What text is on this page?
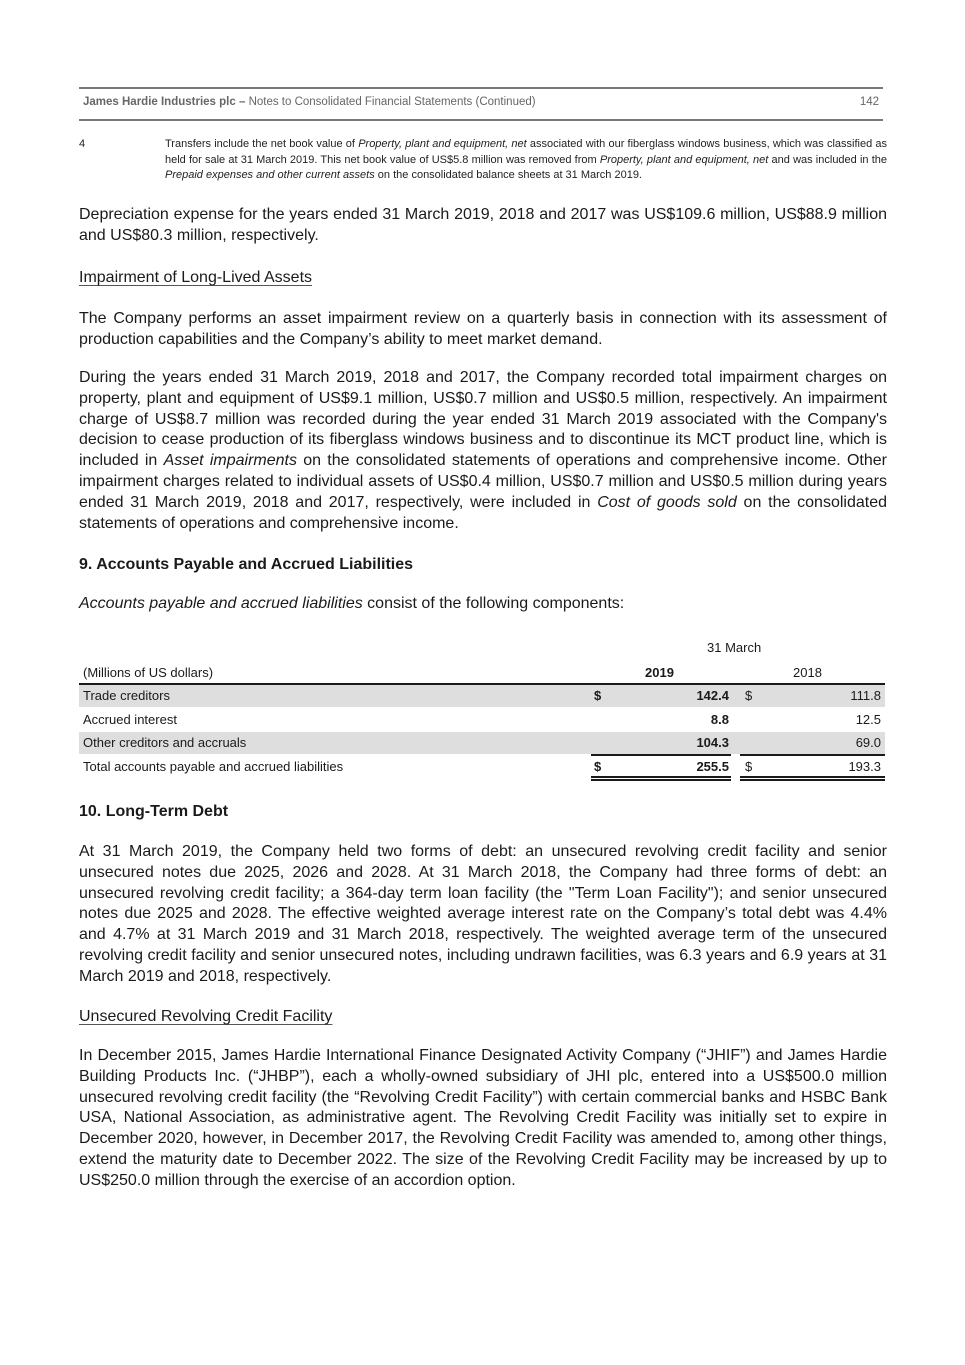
James Hardie Industries plc – Notes to Consolidated Financial Statements (Continued)	142
4	Transfers include the net book value of Property, plant and equipment, net associated with our fiberglass windows business, which was classified as held for sale at 31 March 2019. This net book value of US$5.8 million was removed from Property, plant and equipment, net and was included in the Prepaid expenses and other current assets on the consolidated balance sheets at 31 March 2019.

Depreciation expense for the years ended 31 March 2019, 2018 and 2017 was US$109.6 million, US$88.9 million and US$80.3 million, respectively.

Impairment of Long-Lived Assets

The Company performs an asset impairment review on a quarterly basis in connection with its assessment of production capabilities and the Company’s ability to meet market demand.

During the years ended 31 March 2019, 2018 and 2017, the Company recorded total impairment charges on property, plant and equipment of US$9.1 million, US$0.7 million and US$0.5 million, respectively. An impairment charge of US$8.7 million was recorded during the year ended 31 March 2019 associated with the Company's decision to cease production of its fiberglass windows business and to discontinue its MCT product line, which is included in Asset impairments on the consolidated statements of operations and comprehensive income. Other impairment charges related to individual assets of US$0.4 million, US$0.7 million and US$0.5 million during years ended 31 March 2019, 2018 and 2017, respectively, were included in Cost of goods sold on the consolidated statements of operations and comprehensive income.

9. Accounts Payable and Accrued Liabilities

Accounts payable and accrued liabilities consist of the following components:

31 March
(Millions of US dollars)	2019	2018
Trade creditors	$	142.4 $	111.8
Accrued interest	8.8	12.5
Other creditors and accruals	104.3	69.0
Total accounts payable and accrued liabilities	$	255.5 $	193.3

10. Long-Term Debt

At 31 March 2019, the Company held two forms of debt: an unsecured revolving credit facility and senior unsecured notes due 2025, 2026 and 2028. At 31 March 2018, the Company had three forms of debt: an unsecured revolving credit facility; a 364-day term loan facility (the "Term Loan Facility"); and senior unsecured notes due 2025 and 2028. The effective weighted average interest rate on the Company’s total debt was 4.4% and 4.7% at 31 March 2019 and 31 March 2018, respectively. The weighted average term of the unsecured revolving credit facility and senior unsecured notes, including undrawn facilities, was 6.3 years and 6.9 years at 31 March 2019 and 2018, respectively.

Unsecured Revolving Credit Facility

In December 2015, James Hardie International Finance Designated Activity Company (“JHIF”) and James Hardie Building Products Inc. (“JHBP”), each a wholly-owned subsidiary of JHI plc, entered into a US$500.0 million unsecured revolving credit facility (the “Revolving Credit Facility”) with certain commercial banks and HSBC Bank USA, National Association, as administrative agent. The Revolving Credit Facility was initially set to expire in December 2020, however, in December 2017, the Revolving Credit Facility was amended to, among other things, extend the maturity date to December 2022. The size of the Revolving Credit Facility may be increased by up to US$250.0 million through the exercise of an accordion option.
